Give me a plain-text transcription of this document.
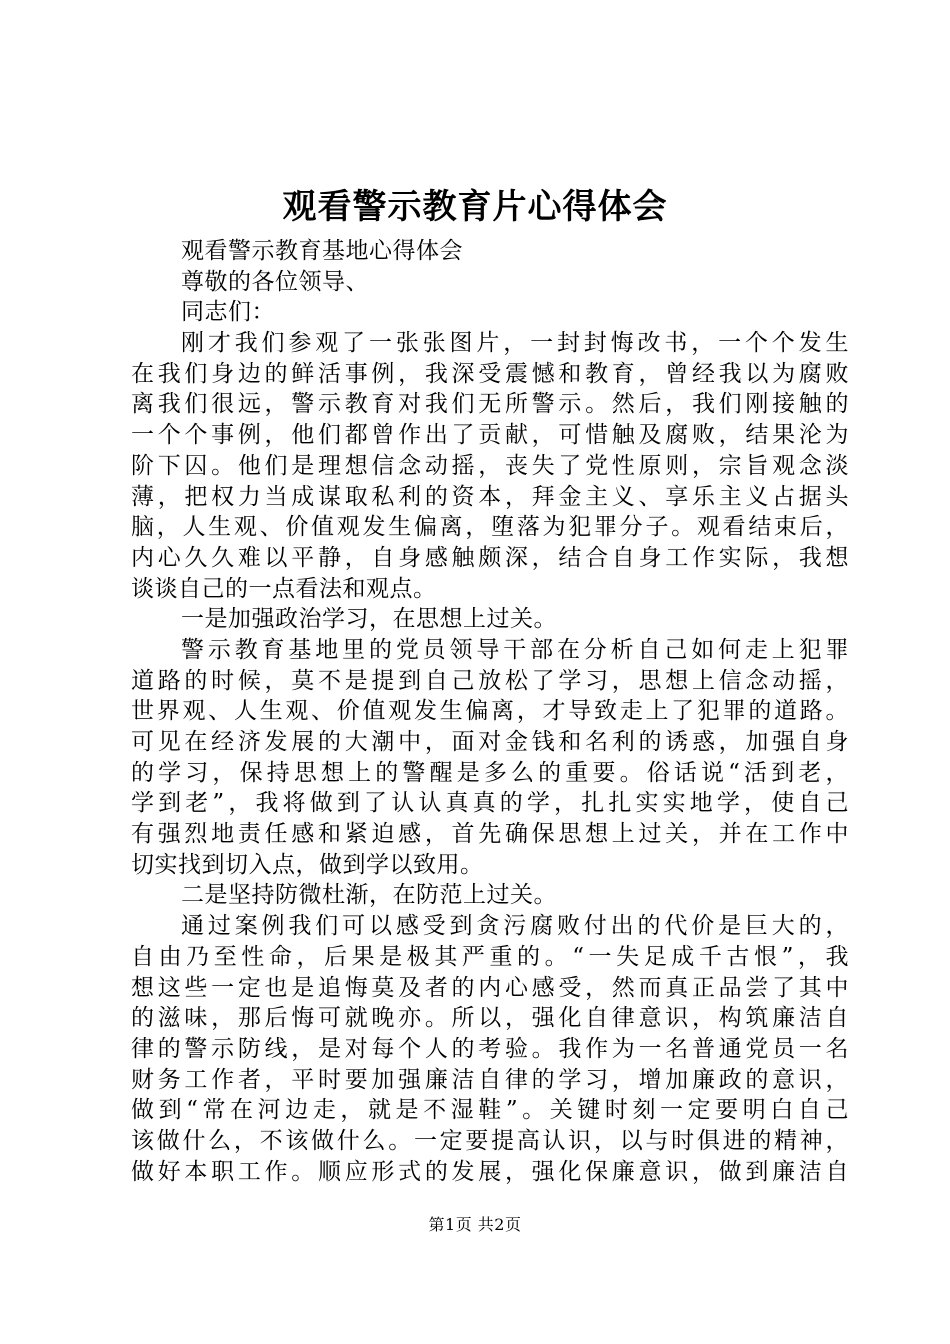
观看警示教育片心得体会
观看警示教育基地心得体会
尊敬的各位领导、
同志们：
刚才我们参观了一张张图片，一封封悔改书，一个个发生
在我们身边的鲜活事例，我深受震憾和教育，曾经我以为腐败
离我们很远，警示教育对我们无所警示。然后，我们刚接触的
一个个事例，他们都曾作出了贡献，可惜触及腐败，结果沦为
阶下囚。他们是理想信念动摇，丧失了党性原则，宗旨观念淡
薄，把权力当成谋取私利的资本，拜金主义、享乐主义占据头
脑，人生观、价值观发生偏离，堕落为犯罪分子。观看结束后，
内心久久难以平静，自身感触颇深，结合自身工作实际，我想
谈谈自己的一点看法和观点。
一是加强政治学习，在思想上过关。
警示教育基地里的党员领导干部在分析自己如何走上犯罪
道路的时候，莫不是提到自己放松了学习，思想上信念动摇，
世界观、人生观、价值观发生偏离，才导致走上了犯罪的道路。
可见在经济发展的大潮中，面对金钱和名利的诱惑，加强自身
的学习，保持思想上的警醒是多么的重要。俗话说“活到老，
学到老”，我将做到了认认真真的学，扎扎实实地学，使自己
有强烈地责任感和紧迫感，首先确保思想上过关，并在工作中
切实找到切入点，做到学以致用。
二是坚持防微杜渐，在防范上过关。
通过案例我们可以感受到贪污腐败付出的代价是巨大的，
自由乃至性命，后果是极其严重的。“一失足成千古恨”，我
想这些一定也是追悔莫及者的内心感受，然而真正品尝了其中
的滋味，那后悔可就晚亦。所以，强化自律意识，构筑廉洁自
律的警示防线，是对每个人的考验。我作为一名普通党员一名
财务工作者，平时要加强廉洁自律的学习，增加廉政的意识，
做到“常在河边走，就是不湿鞋”。关键时刻一定要明白自己
该做什么，不该做什么。一定要提高认识，以与时俱进的精神，
做好本职工作。顺应形式的发展，强化保廉意识，做到廉洁自
第1页 共2页
